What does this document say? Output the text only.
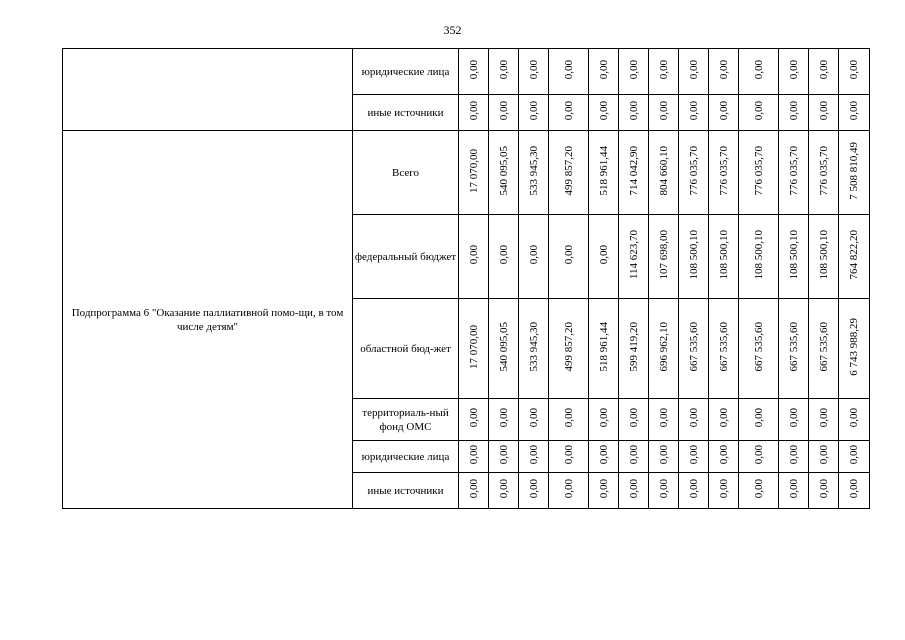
352
	юридические лица	0,00	0,00	0,00	0,00	0,00	0,00	0,00	0,00	0,00	0,00	0,00	0,00	0,00
	иные источники	0,00	0,00	0,00	0,00	0,00	0,00	0,00	0,00	0,00	0,00	0,00	0,00	0,00
Подпрограмма 6 "Оказание паллиативной помо-щи, в том числе детям"	Всего	17 070,00	540 095,05	533 945,30	499 857,20	518 961,44	714 042,90	804 660,10	776 035,70	776 035,70	776 035,70	776 035,70	776 035,70	7 508 810,49
	федеральный бюджет	0,00	0,00	0,00	0,00	0,00	114 623,70	107 698,00	108 500,10	108 500,10	108 500,10	108 500,10	108 500,10	764 822,20
	областной бюд-жет	17 070,00	540 095,05	533 945,30	499 857,20	518 961,44	599 419,20	696 962,10	667 535,60	667 535,60	667 535,60	667 535,60	667 535,60	6 743 988,29
	территориаль-ный фонд ОМС	0,00	0,00	0,00	0,00	0,00	0,00	0,00	0,00	0,00	0,00	0,00	0,00	0,00
	юридические лица	0,00	0,00	0,00	0,00	0,00	0,00	0,00	0,00	0,00	0,00	0,00	0,00	0,00
	иные источники	0,00	0,00	0,00	0,00	0,00	0,00	0,00	0,00	0,00	0,00	0,00	0,00	0,00
